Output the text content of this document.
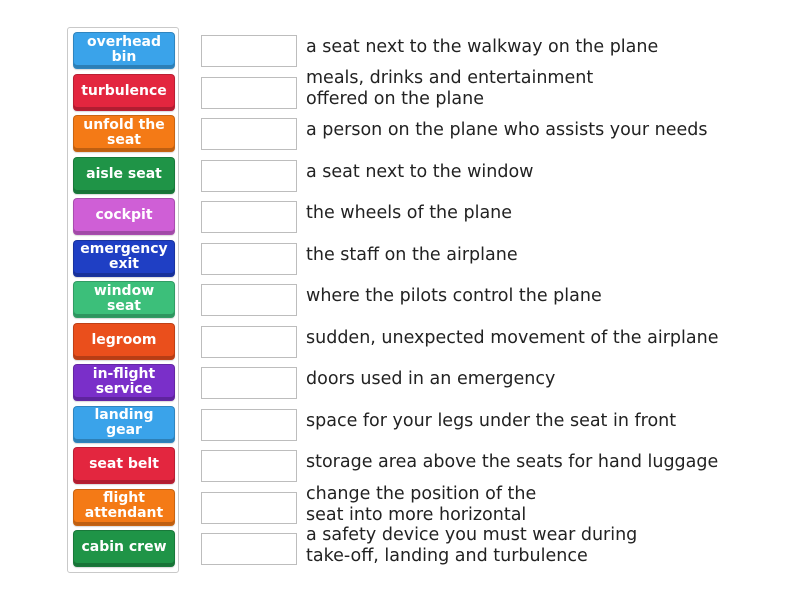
overhead bin
turbulence
unfold the seat
aisle seat
cockpit
emergency exit
window seat
legroom
in-flight service
landing gear
seat belt
flight attendant
cabin crew
a seat next to the walkway on the plane
meals, drinks and entertainment
offered on the plane
a person on the plane who assists your needs
a seat next to the window
the wheels of the plane
the staff on the airplane
where the pilots control the plane
sudden, unexpected movement of the airplane
doors used in an emergency
space for your legs under the seat in front
storage area above the seats for hand luggage
change the position of the
seat into more horizontal
a safety device you must wear during
take-off, landing and turbulence
